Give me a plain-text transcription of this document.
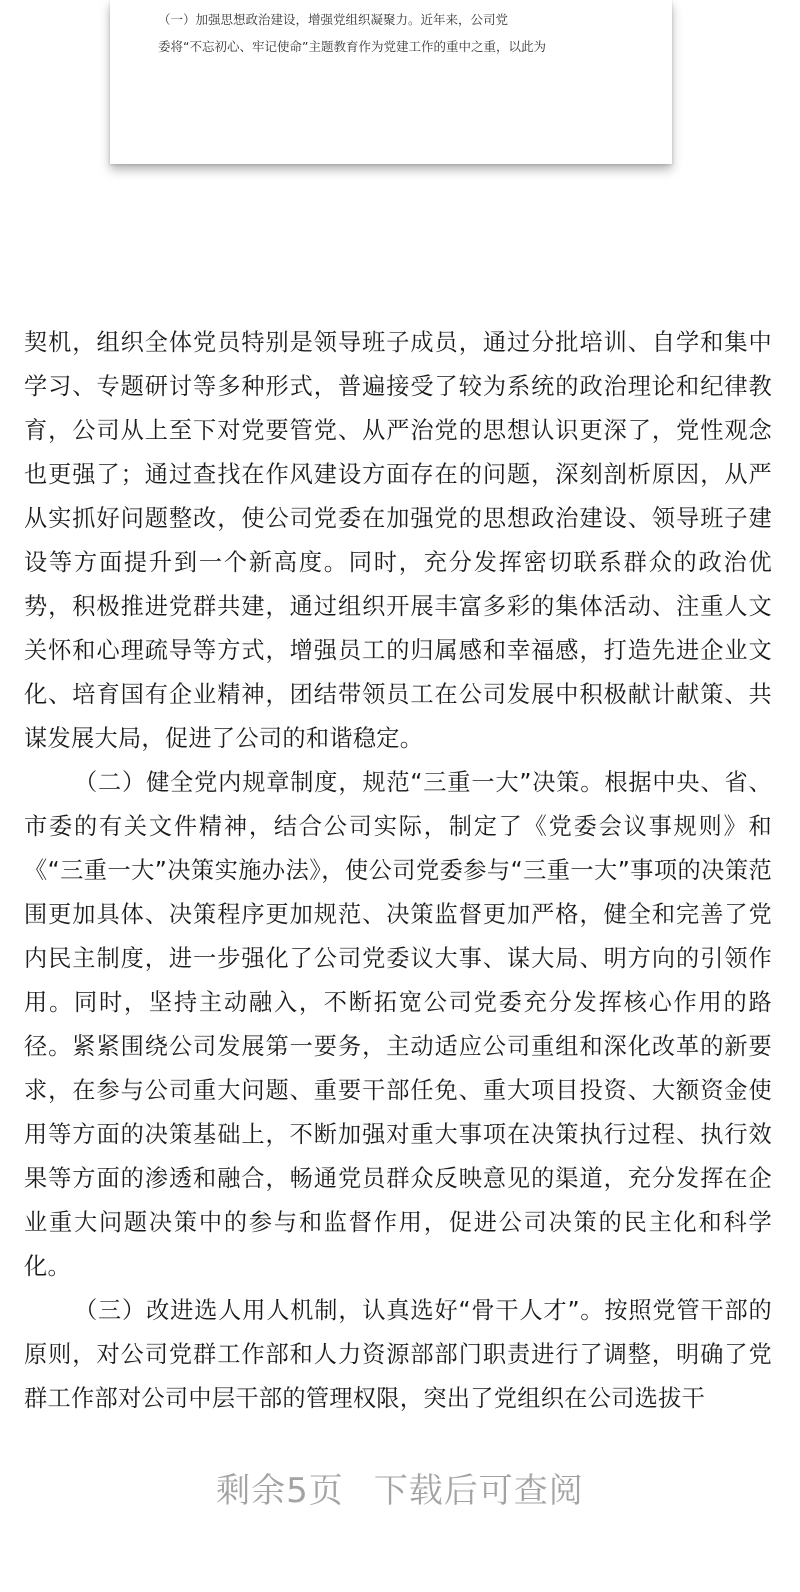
（一）加强思想政治建设，增强党组织凝聚力。近年来，公司党
委将“不忘初心、牢记使命”主题教育作为党建工作的重中之重，以此为

契机，组织全体党员特别是领导班子成员，通过分批培训、自学和集中学习、专题研讨等多种形式，普遍接受了较为系统的政治理论和纪律教育，公司从上至下对党要管党、从严治党的思想认识更深了，党性观念也更强了；通过查找在作风建设方面存在的问题，深刻剖析原因，从严从实抓好问题整改，使公司党委在加强党的思想政治建设、领导班子建设等方面提升到一个新高度。同时，充分发挥密切联系群众的政治优势，积极推进党群共建，通过组织开展丰富多彩的集体活动、注重人文关怀和心理疏导等方式，增强员工的归属感和幸福感，打造先进企业文化、培育国有企业精神，团结带领员工在公司发展中积极献计献策、共谋发展大局，促进了公司的和谐稳定。

（二）健全党内规章制度，规范“三重一大”决策。根据中央、省、市委的有关文件精神，结合公司实际，制定了《党委会议事规则》和《“三重一大”决策实施办法》，使公司党委参与“三重一大”事项的决策范围更加具体、决策程序更加规范、决策监督更加严格，健全和完善了党内民主制度，进一步强化了公司党委议大事、谋大局、明方向的引领作用。同时，坚持主动融入，不断拓宽公司党委充分发挥核心作用的路径。紧紧围绕公司发展第一要务，主动适应公司重组和深化改革的新要求，在参与公司重大问题、重要干部任免、重大项目投资、大额资金使用等方面的决策基础上，不断加强对重大事项在决策执行过程、执行效果等方面的渗透和融合，畅通党员群众反映意见的渠道，充分发挥在企业重大问题决策中的参与和监督作用，促进公司决策的民主化和科学化。

（三）改进选人用人机制，认真选好“骨干人才”。按照党管干部的原则，对公司党群工作部和人力资源部部门职责进行了调整，明确了党群工作部对公司中层干部的管理权限，突出了党组织在公司选拔干

剩余5页 下载后可查阅
